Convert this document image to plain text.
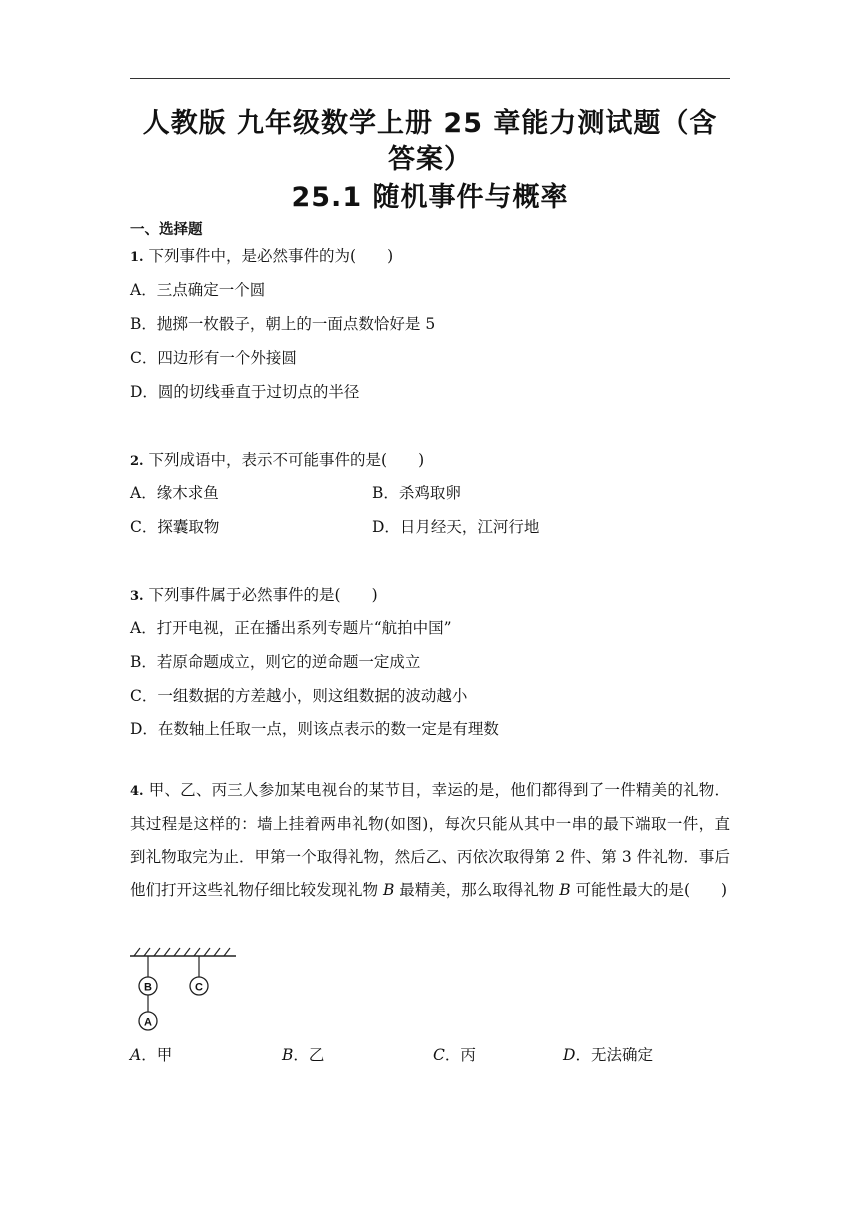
人教版 九年级数学上册 25 章能力测试题（含
答案）
25.1 随机事件与概率
一、选择题
1. 下列事件中，是必然事件的为(　　)
A．三点确定一个圆
B．抛掷一枚骰子，朝上的一面点数恰好是 5
C．四边形有一个外接圆
D．圆的切线垂直于过切点的半径
2. 下列成语中，表示不可能事件的是(　　)
A．缘木求鱼	B．杀鸡取卵
C．探囊取物	D．日月经天，江河行地
3. 下列事件属于必然事件的是(　　)
A．打开电视，正在播出系列专题片“航拍中国”
B．若原命题成立，则它的逆命题一定成立
C．一组数据的方差越小，则这组数据的波动越小
D．在数轴上任取一点，则该点表示的数一定是有理数
4. 甲、乙、丙三人参加某电视台的某节目，幸运的是，他们都得到了一件精美的礼物．其过程是这样的：墙上挂着两串礼物(如图)，每次只能从其中一串的最下端取一件，直到礼物取完为止．甲第一个取得礼物，然后乙、丙依次取得第 2 件、第 3 件礼物．事后他们打开这些礼物仔细比较发现礼物 B 最精美，那么取得礼物 B 可能性最大的是(　　)
B
A
C
A．甲	B．乙	C．丙	D．无法确定
